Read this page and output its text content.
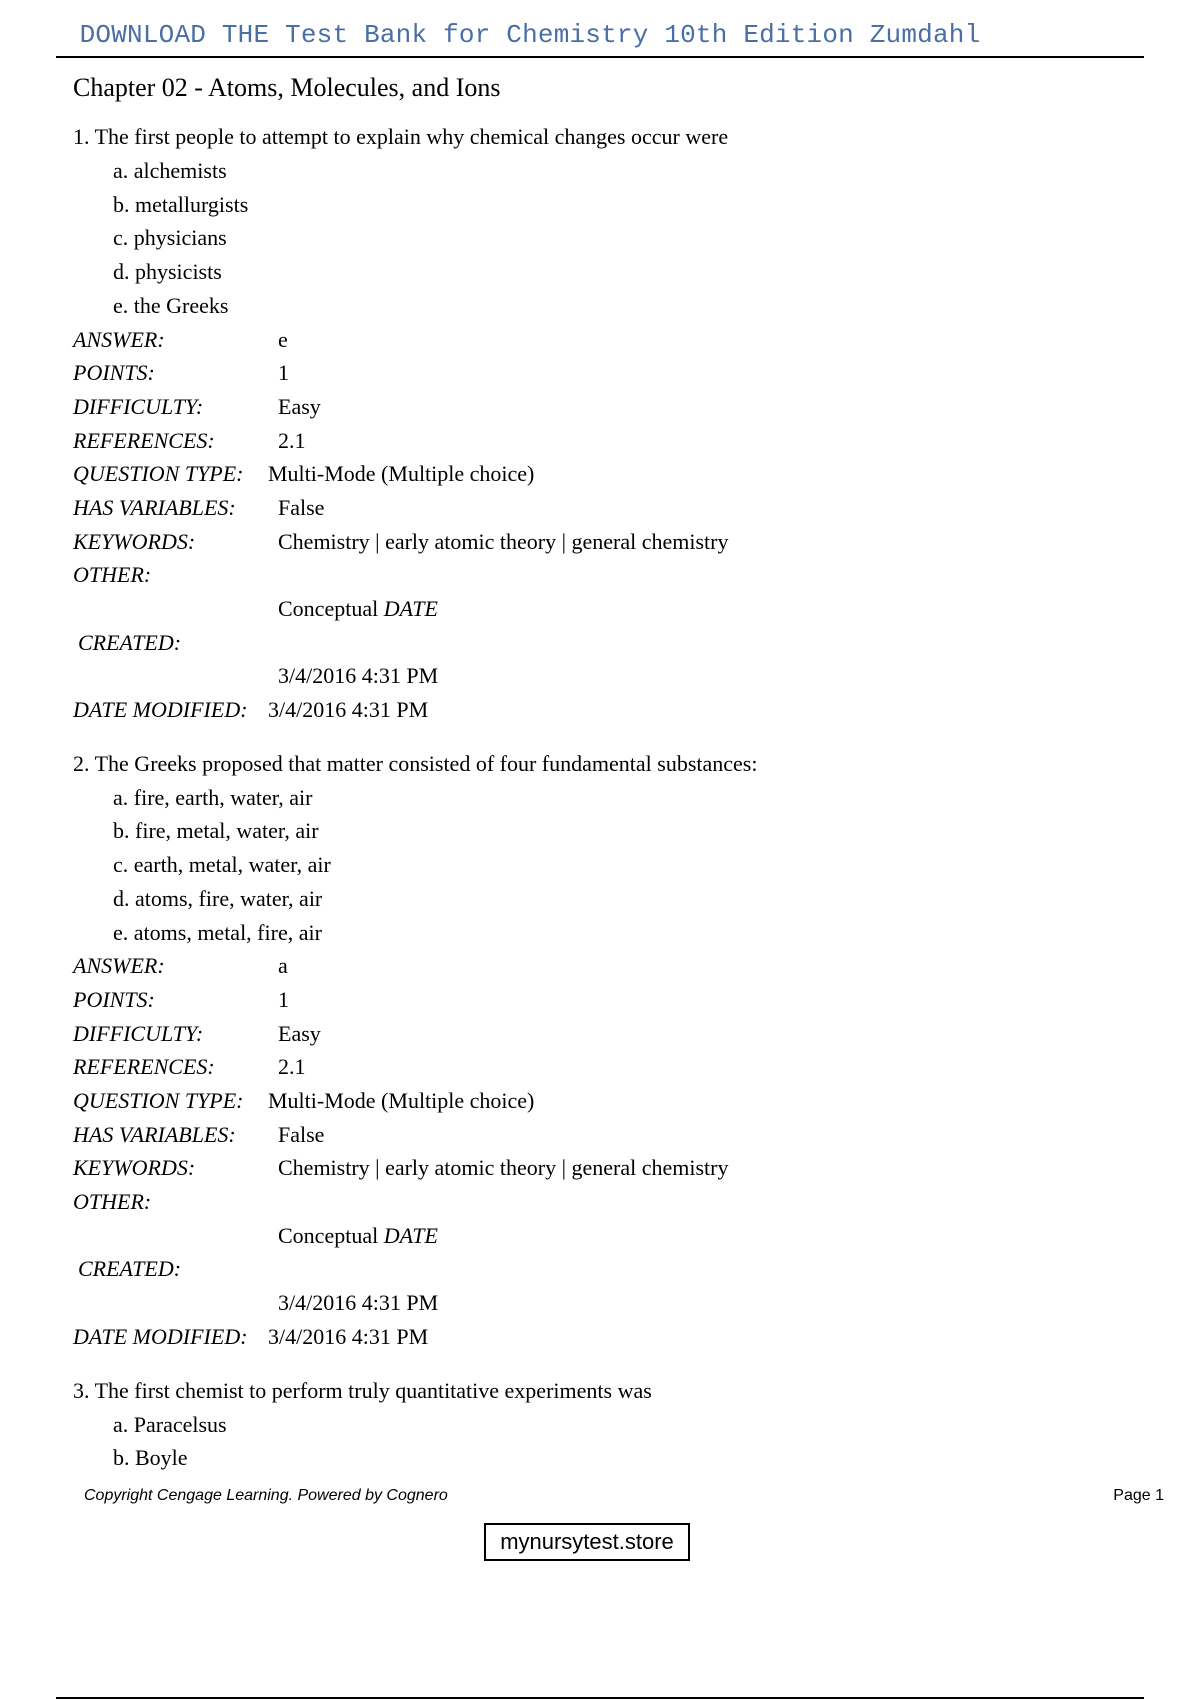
DOWNLOAD THE Test Bank for Chemistry 10th Edition Zumdahl
Chapter 02 - Atoms, Molecules, and Ions
1. The first people to attempt to explain why chemical changes occur were
a. alchemists
b. metallurgists
c. physicians
d. physicists
e. the Greeks
ANSWER:	e
POINTS:	1
DIFFICULTY:	Easy
REFERENCES:	2.1
QUESTION TYPE: Multi-Mode (Multiple choice)
HAS VARIABLES: False
KEYWORDS:	Chemistry | early atomic theory | general chemistry
OTHER:
Conceptual DATE
CREATED:
3/4/2016 4:31 PM
DATE MODIFIED: 3/4/2016 4:31 PM
2. The Greeks proposed that matter consisted of four fundamental substances:
a. fire, earth, water, air
b. fire, metal, water, air
c. earth, metal, water, air
d. atoms, fire, water, air
e. atoms, metal, fire, air
ANSWER:	a
POINTS:	1
DIFFICULTY:	Easy
REFERENCES:	2.1
QUESTION TYPE: Multi-Mode (Multiple choice)
HAS VARIABLES: False
KEYWORDS:	Chemistry | early atomic theory | general chemistry
OTHER:
Conceptual DATE
CREATED:
3/4/2016 4:31 PM
DATE MODIFIED: 3/4/2016 4:31 PM
3. The first chemist to perform truly quantitative experiments was
a. Paracelsus
b. Boyle
Copyright Cengage Learning. Powered by Cognero	Page 1
mynursytest.store
